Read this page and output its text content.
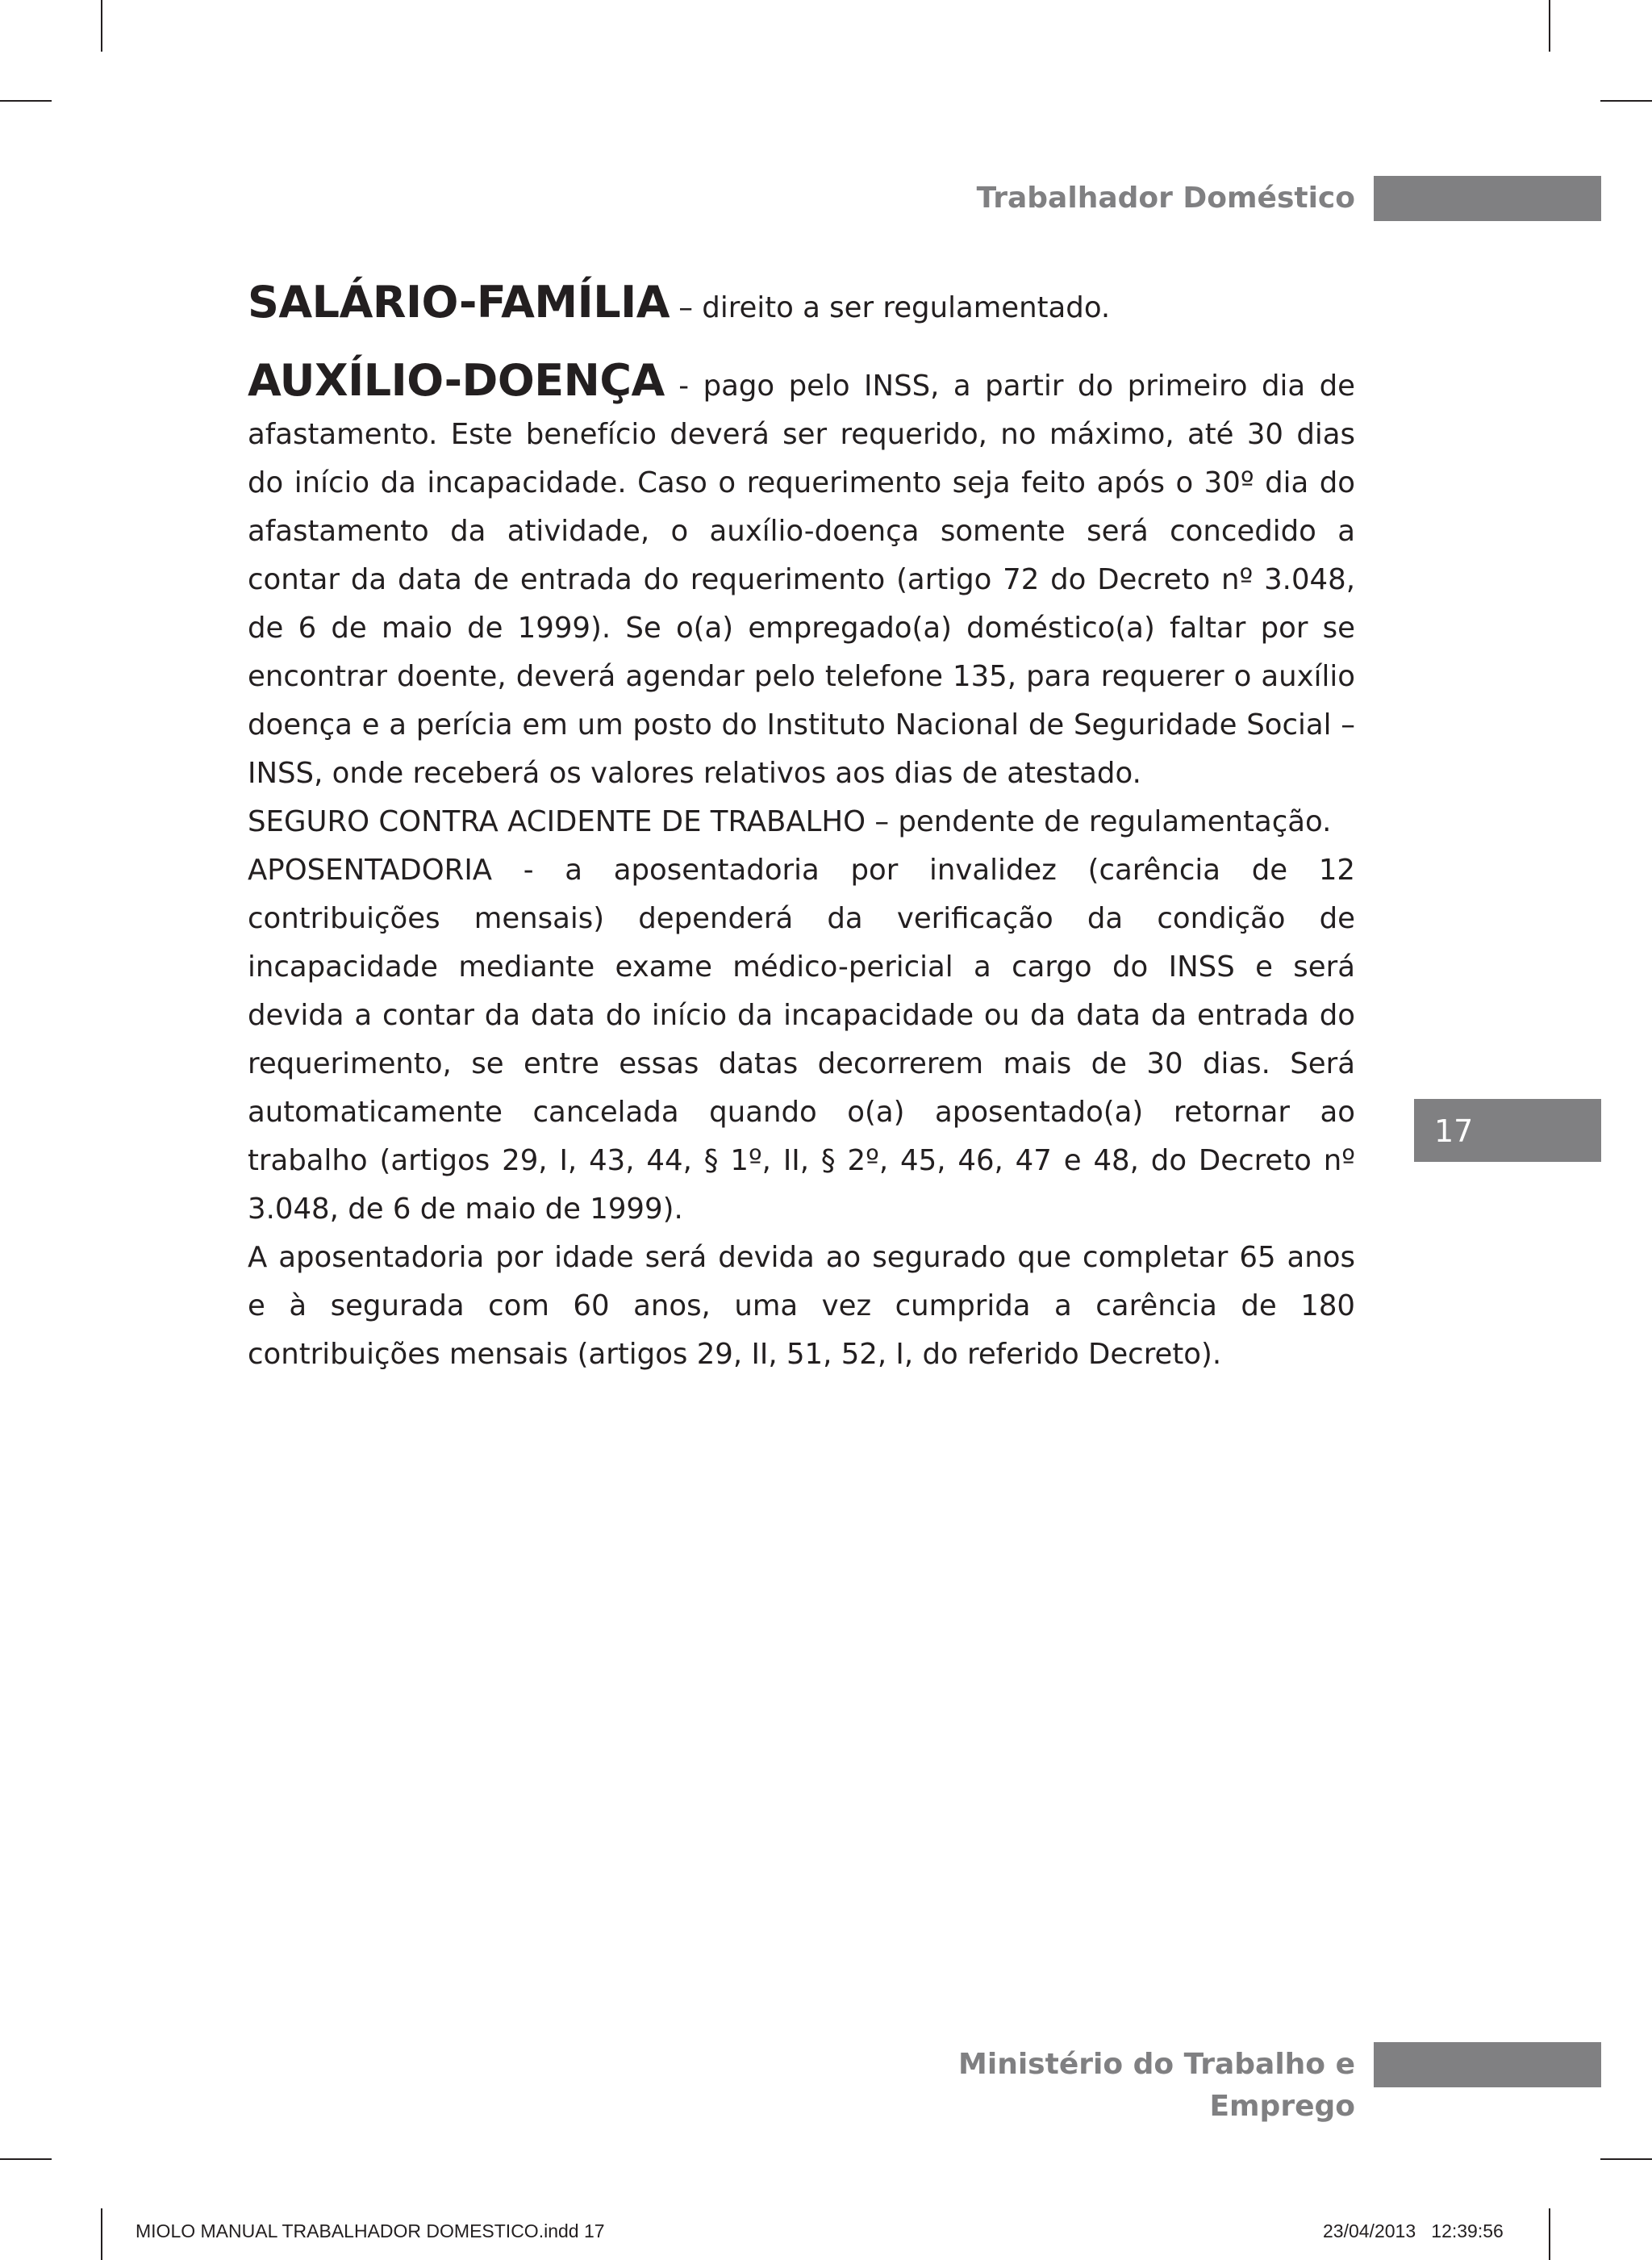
Trabalhador Doméstico

SALÁRIO-FAMÍLIA – direito a ser regulamentado.

AUXÍLIO-DOENÇA - pago pelo INSS, a partir do primeiro dia de afastamento. Este benefício deverá ser requerido, no máximo, até 30 dias do início da incapacidade. Caso o requerimento seja feito após o 30º dia do afastamento da atividade, o auxílio-doença somente será concedido a contar da data de entrada do requerimento (artigo 72 do Decreto nº 3.048, de 6 de maio de 1999). Se o(a) empregado(a) doméstico(a) faltar por se encontrar doente, deverá agendar pelo telefone 135, para requerer o auxílio doença e a perícia em um posto do Instituto Nacional de Seguridade Social – INSS, onde receberá os valores relativos aos dias de atestado.

SEGURO CONTRA ACIDENTE DE TRABALHO – pendente de regulamentação.

APOSENTADORIA - a aposentadoria por invalidez (carência de 12 contribuições mensais) dependerá da verificação da condição de incapacidade mediante exame médico-pericial a cargo do INSS e será devida a contar da data do início da incapacidade ou da data da entrada do requerimento, se entre essas datas decorrerem mais de 30 dias. Será automaticamente cancelada quando o(a) aposentado(a) retornar ao trabalho (artigos 29, I, 43, 44, § 1º, II, § 2º, 45, 46, 47 e 48, do Decreto nº 3.048, de 6 de maio de 1999).

A aposentadoria por idade será devida ao segurado que completar 65 anos e à segurada com 60 anos, uma vez cumprida a carência de 180 contribuições mensais (artigos 29, II, 51, 52, I, do referido Decreto).

17
Ministério do Trabalho e Emprego
MIOLO MANUAL TRABALHADOR DOMESTICO.indd 17	23/04/2013   12:39:56
